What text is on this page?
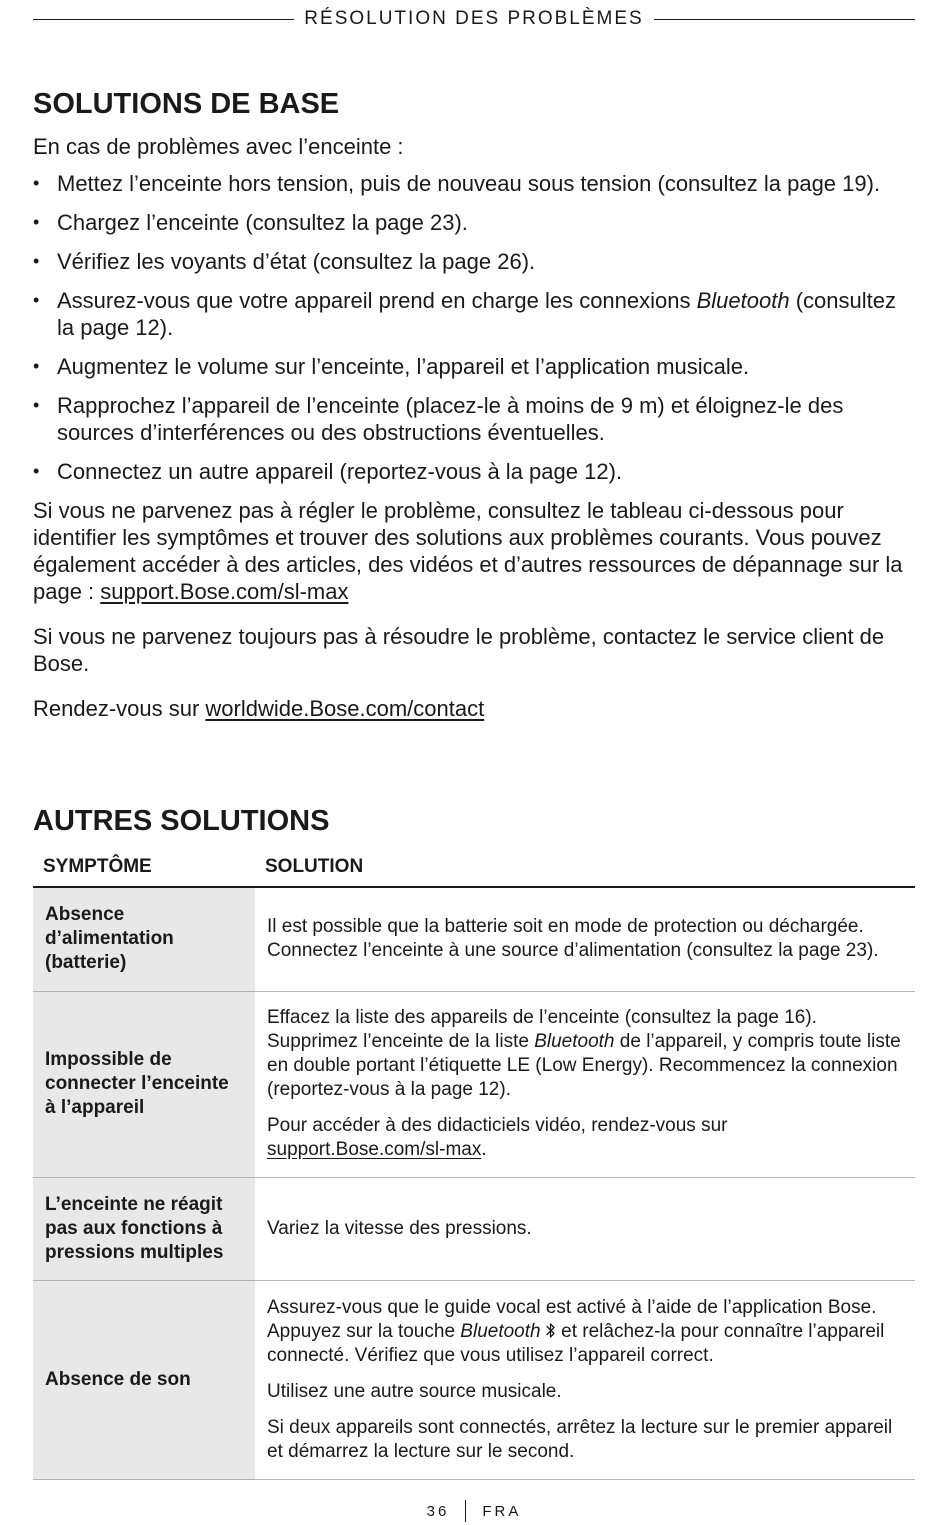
RÉSOLUTION DES PROBLÈMES
SOLUTIONS DE BASE

En cas de problèmes avec l’enceinte :

• Mettez l’enceinte hors tension, puis de nouveau sous tension (consultez la page 19).
• Chargez l’enceinte (consultez la page 23).
• Vérifiez les voyants d’état (consultez la page 26).
• Assurez-vous que votre appareil prend en charge les connexions Bluetooth (consultez la page 12).
• Augmentez le volume sur l’enceinte, l’appareil et l’application musicale.
• Rapprochez l’appareil de l’enceinte (placez-le à moins de 9 m) et éloignez-le des sources d’interférences ou des obstructions éventuelles.
• Connectez un autre appareil (reportez-vous à la page 12).

Si vous ne parvenez pas à régler le problème, consultez le tableau ci-dessous pour identifier les symptômes et trouver des solutions aux problèmes courants. Vous pouvez également accéder à des articles, des vidéos et d’autres ressources de dépannage sur la page : support.Bose.com/sl-max

Si vous ne parvenez toujours pas à résoudre le problème, contactez le service client de Bose.

Rendez-vous sur worldwide.Bose.com/contact

AUTRES SOLUTIONS
SYMPTÔME	SOLUTION
Absence d’alimentation (batterie)	Il est possible que la batterie soit en mode de protection ou déchargée. Connectez l’enceinte à une source d’alimentation (consultez la page 23).

Impossible de connecter l’enceinte à l’appareil	Effacez la liste des appareils de l’enceinte (consultez la page 16). Supprimez l’enceinte de la liste Bluetooth de l’appareil, y compris toute liste en double portant l’étiquette LE (Low Energy). Recommencez la connexion (reportez-vous à la page 12).

Pour accéder à des didacticiels vidéo, rendez-vous sur support.Bose.com/sl-max.

L’enceinte ne réagit pas aux fonctions à pressions multiples	Variez la vitesse des pressions.

Absence de son	Assurez-vous que le guide vocal est activé à l’aide de l’application Bose. Appuyez sur la touche Bluetooth  et relâchez-la pour connaître l’appareil connecté. Vérifiez que vous utilisez l’appareil correct.

Utilisez une autre source musicale.

Si deux appareils sont connectés, arrêtez la lecture sur le premier appareil et démarrez la lecture sur le second.

36 FRA
